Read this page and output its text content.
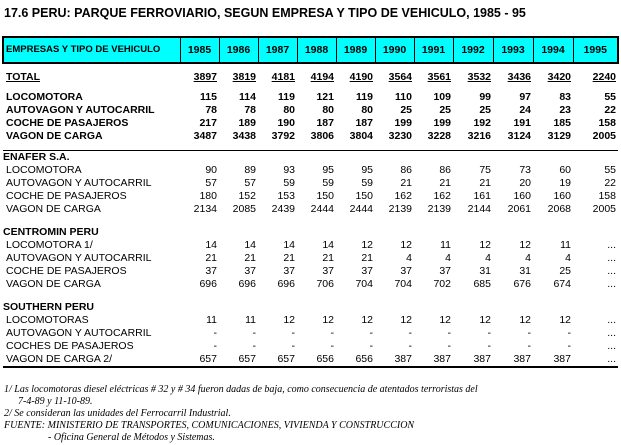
17.6 PERU: PARQUE FERROVIARIO, SEGUN EMPRESA Y TIPO DE VEHICULO, 1985 - 95
EMPRESAS Y TIPO DE VEHICULO	1985	1986	1987	1988	1989	1990	1991	1992	1993	1994	1995

TOTAL	3897	3819	4181	4194	4190	3564	3561	3532	3436	3420	2240

LOCOMOTORA	115	114	119	121	119	110	109	99	97	83	55
AUTOVAGON Y AUTOCARRIL	78	78	80	80	80	25	25	25	24	23	22
COCHE DE PASAJEROS	217	189	190	187	187	199	199	192	191	185	158
VAGON DE CARGA	3487	3438	3792	3806	3804	3230	3228	3216	3124	3129	2005

ENAFER S.A.											
LOCOMOTORA	90	89	93	95	95	86	86	75	73	60	55
AUTOVAGON Y AUTOCARRIL	57	57	59	59	59	21	21	21	20	19	22
COCHE DE PASAJEROS	180	152	153	150	150	162	162	161	160	160	158
VAGON DE CARGA	2134	2085	2439	2444	2444	2139	2139	2144	2061	2068	2005

CENTROMIN PERU											
LOCOMOTORA 1/	14	14	14	14	12	12	11	12	12	11	...
AUTOVAGON Y AUTOCARRIL	21	21	21	21	21	4	4	4	4	4	...
COCHE DE PASAJEROS	37	37	37	37	37	37	37	31	31	25	...
VAGON DE CARGA	696	696	696	706	704	704	702	685	676	674	...

SOUTHERN PERU											
LOCOMOTORAS	11	11	12	12	12	12	12	12	12	12	...
AUTOVAGON Y AUTOCARRIL	-	-	-	-	-	-	-	-	-	-	...
COCHES DE PASAJEROS	-	-	-	-	-	-	-	-	-	-	...
VAGON DE CARGA 2/	657	657	657	656	656	387	387	387	387	387	...
1/ Las locomotoras diesel eléctricas # 32 y # 34 fueron dadas de baja, como consecuencia de atentados terroristas del
7-4-89 y 11-10-89.
2/ Se consideran las unidades del Ferrocarril Industrial.
FUENTE: MINISTERIO DE TRANSPORTES, COMUNICACIONES, VIVIENDA Y CONSTRUCCION
- Oficina General de Métodos y Sistemas.
